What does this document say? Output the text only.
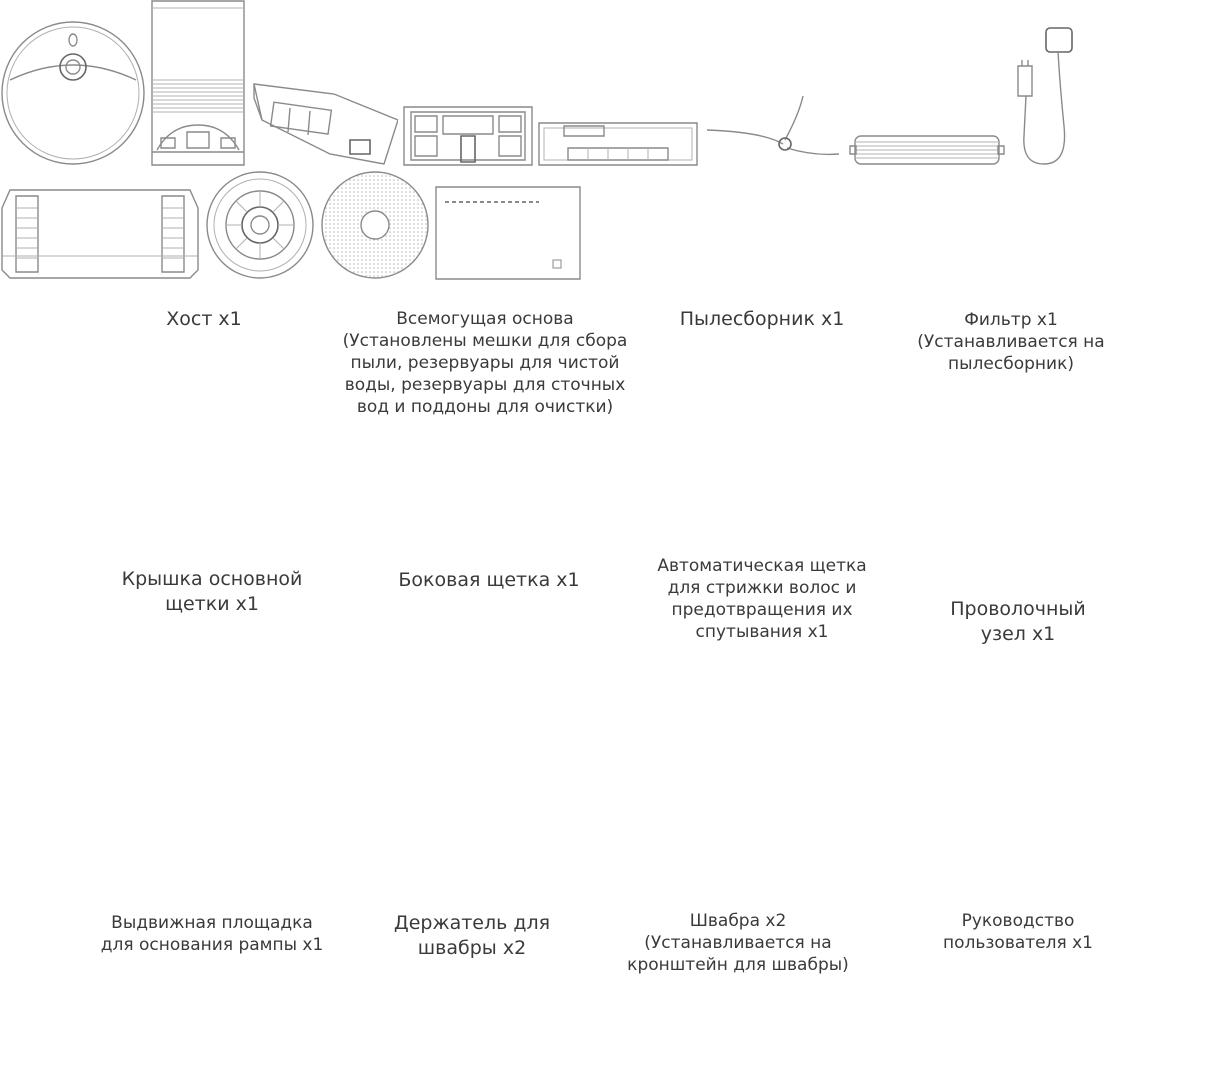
Хост x1
	Всемогущая основа
(Установлены мешки для сбора
пыли, резервуары для чистой
воды, резервуары для сточных
вод и поддоны для очистки)

Пылесборник x1
	Фильтр x1
(Устанавливается на
пылесборник)

Крышка основной
щетки x1

Боковая щетка x1

Автоматическая щетка
для стрижки волос и
предотвращения их
спутывания x1

Проволочный
узел x1

Выдвижная площадка
для основания рампы x1

Держатель для
швабры x2

Швабра x2
(Устанавливается на
кронштейн для швабры)
Руководство
пользователя x1
